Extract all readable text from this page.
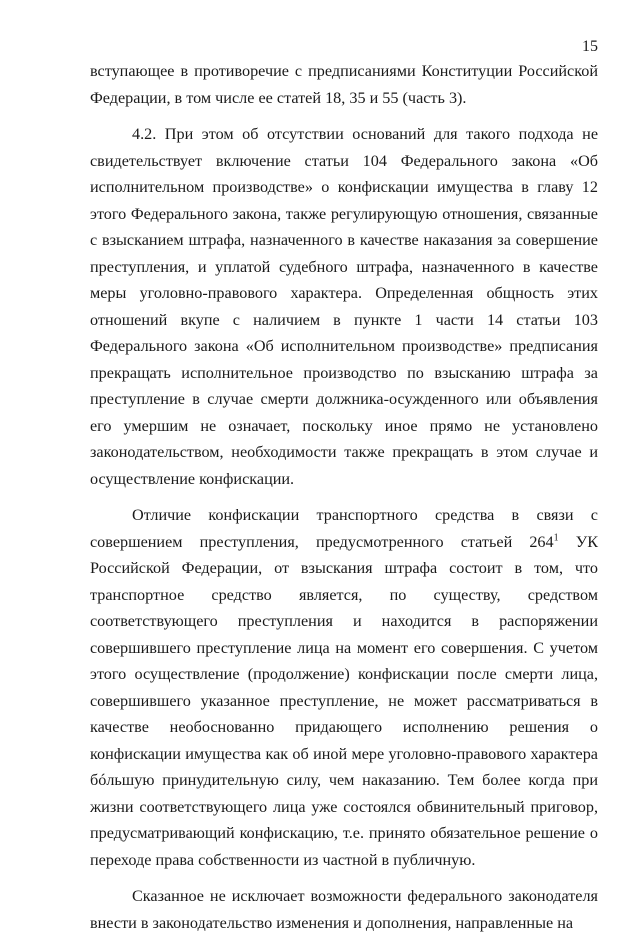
15

вступающее в противоречие с предписаниями Конституции Российской Федерации, в том числе ее статей 18, 35 и 55 (часть 3).

4.2. При этом об отсутствии оснований для такого подхода не свидетельствует включение статьи 104 Федерального закона «Об исполнительном производстве» о конфискации имущества в главу 12 этого Федерального закона, также регулирующую отношения, связанные с взысканием штрафа, назначенного в качестве наказания за совершение преступления, и уплатой судебного штрафа, назначенного в качестве меры уголовно-правового характера. Определенная общность этих отношений вкупе с наличием в пункте 1 части 14 статьи 103 Федерального закона «Об исполнительном производстве» предписания прекращать исполнительное производство по взысканию штрафа за преступление в случае смерти должника-осужденного или объявления его умершим не означает, поскольку иное прямо не установлено законодательством, необходимости также прекращать в этом случае и осуществление конфискации.

Отличие конфискации транспортного средства в связи с совершением преступления, предусмотренного статьей $264^1$ УК Российской Федерации, от взыскания штрафа состоит в том, что транспортное средство является, по существу, средством соответствующего преступления и находится в распоряжении совершившего преступление лица на момент его совершения. С учетом этого осуществление (продолжение) конфискации после смерти лица, совершившего указанное преступление, не может рассматриваться в качестве необоснованно придающего исполнению решения о конфискации имущества как об иной мере уголовно-правового характера бóльшую принудительную силу, чем наказанию. Тем более когда при жизни соответствующего лица уже состоялся обвинительный приговор, предусматривающий конфискацию, т.е. принято обязательное решение о переходе права собственности из частной в публичную.

Сказанное не исключает возможности федерального законодателя внести в законодательство изменения и дополнения, направленные на
